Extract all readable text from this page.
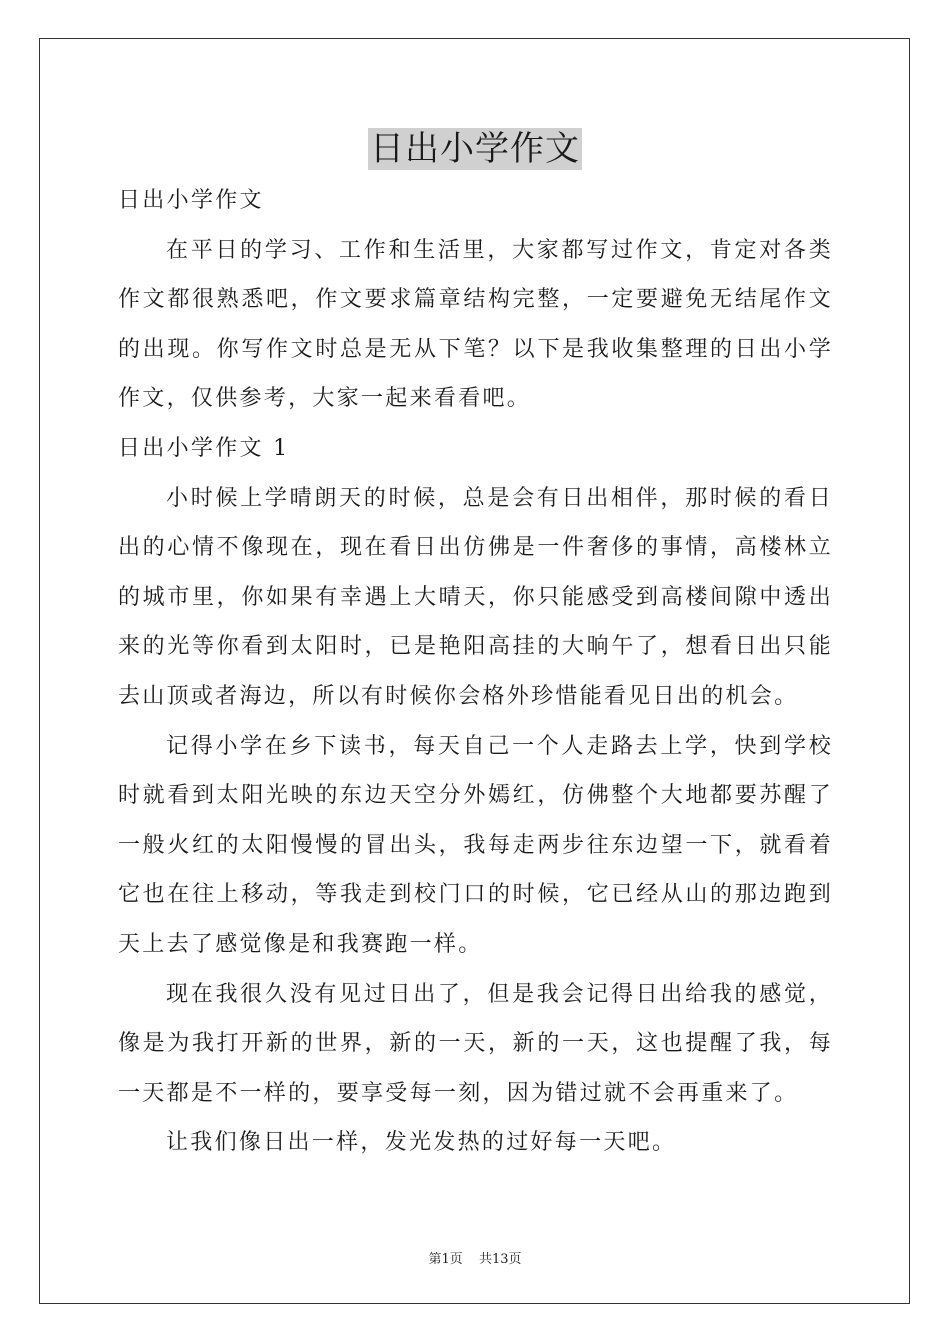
日出小学作文

日出小学作文

在平日的学习、工作和生活里，大家都写过作文，肯定对各类作文都很熟悉吧，作文要求篇章结构完整，一定要避免无结尾作文的出现。你写作文时总是无从下笔？以下是我收集整理的日出小学作文，仅供参考，大家一起来看看吧。

日出小学作文 1

小时候上学晴朗天的时候，总是会有日出相伴，那时候的看日出的心情不像现在，现在看日出仿佛是一件奢侈的事情，高楼林立的城市里，你如果有幸遇上大晴天，你只能感受到高楼间隙中透出来的光等你看到太阳时，已是艳阳高挂的大晌午了，想看日出只能去山顶或者海边，所以有时候你会格外珍惜能看见日出的机会。

记得小学在乡下读书，每天自己一个人走路去上学，快到学校时就看到太阳光映的东边天空分外嫣红，仿佛整个大地都要苏醒了一般火红的太阳慢慢的冒出头，我每走两步往东边望一下，就看着它也在往上移动，等我走到校门口的时候，它已经从山的那边跑到天上去了感觉像是和我赛跑一样。

现在我很久没有见过日出了，但是我会记得日出给我的感觉，像是为我打开新的世界，新的一天，新的一天，这也提醒了我，每一天都是不一样的，要享受每一刻，因为错过就不会再重来了。

让我们像日出一样，发光发热的过好每一天吧。

第1页 共13页
